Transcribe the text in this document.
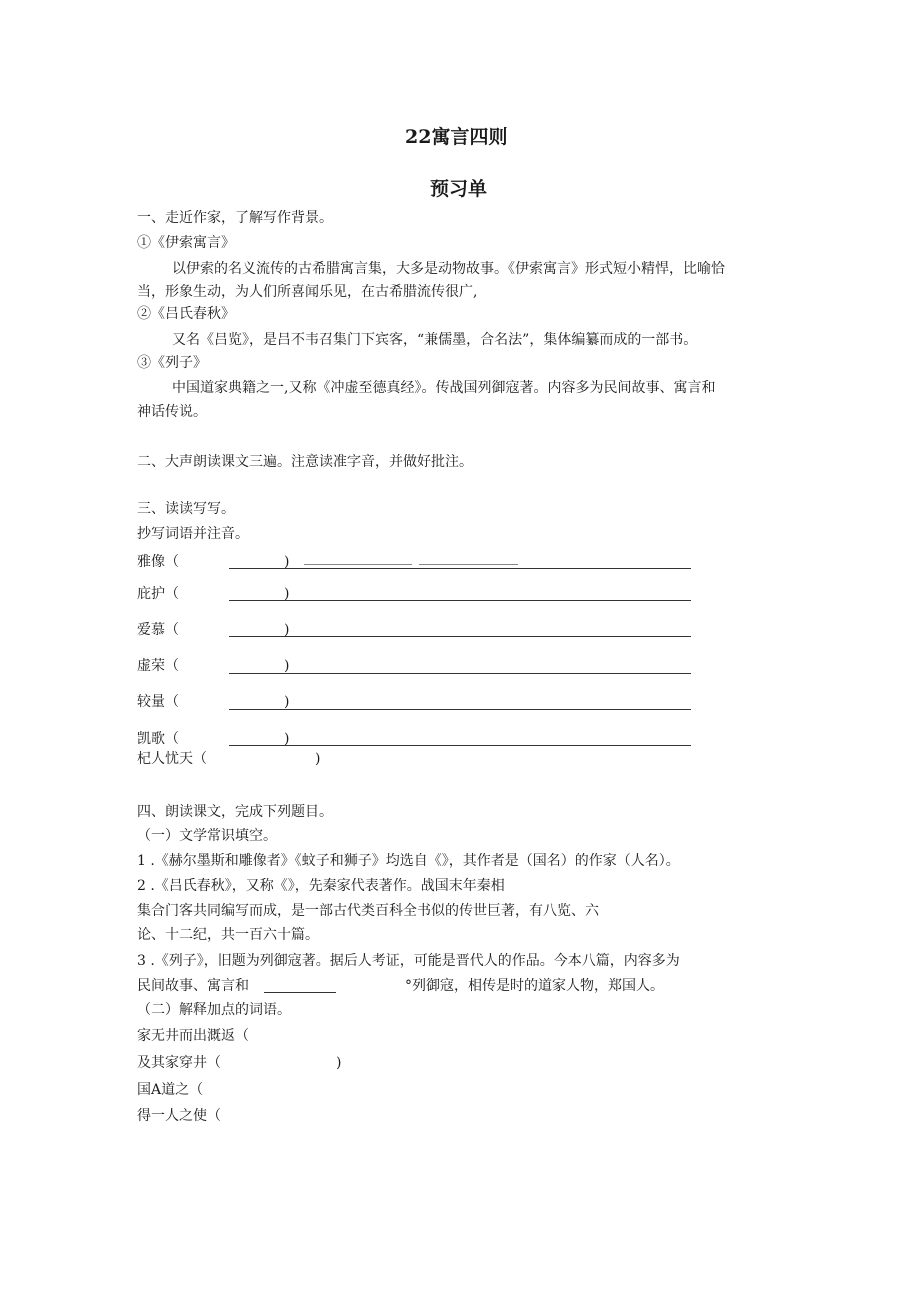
22寓言四则
预习单
一、走近作家，了解写作背景。
①《伊索寓言》
以伊索的名义流传的古希腊寓言集，大多是动物故事。《伊索寓言》形式短小精悍，比喻恰
当，形象生动，为人们所喜闻乐见，在古希腊流传很广,
②《吕氏春秋》
又名《吕览》，是吕不韦召集门下宾客，“兼儒墨，合名法”，集体编纂而成的一部书。
③《列子》
中国道家典籍之一,又称《冲虚至德真经》。传战国列御寇著。内容多为民间故事、寓言和
神话传说。
二、大声朗读课文三遍。注意读准字音，并做好批注。
三、读读写写。
抄写词语并注音。
雅像（	)
庇护（	)
爱慕（	)
虚荣（	)
较量（	)
凯歌（	)
杞人忧天（	)
四、朗读课文，完成下列题目。
（一）文学常识填空。
1 .《赫尔墨斯和雕像者》《蚊子和狮子》均选自《》，其作者是（国名）的作家（人名）。
2 .《吕氏春秋》，又称《》，先秦家代表著作。战国末年秦相
集合门客共同编写而成，是一部古代类百科全书似的传世巨著，有八览、六
论、十二纪，共一百六十篇。
3 .《列子》，旧题为列御寇著。据后人考证，可能是晋代人的作品。今本八篇，内容多为
民间故事、寓言和	°列御寇，相传是时的道家人物，郑国人。
（二）解释加点的词语。
家无井而出溉返（
及其家穿井（	)
国A道之（
得一人之使（
